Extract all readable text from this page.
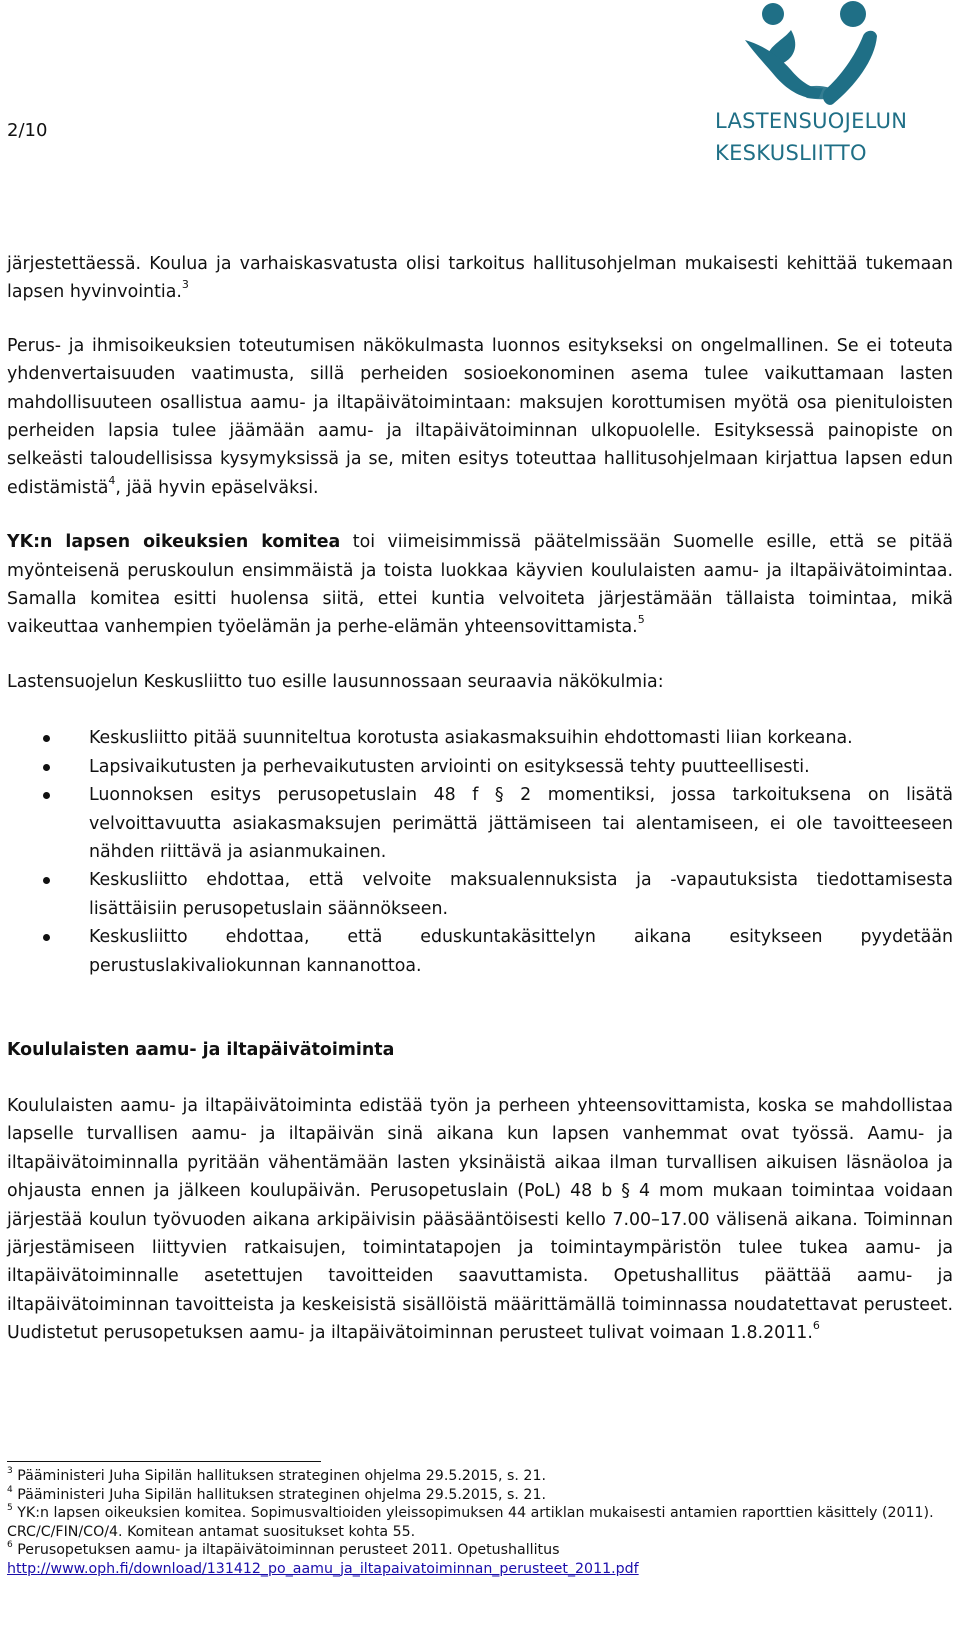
2/10	LASTENSUOJELUN
KESKUSLIITTO

järjestettäessä. Koulua ja varhaiskasvatusta olisi tarkoitus hallitusohjelman mukaisesti kehittää tukemaan lapsen hyvinvointia.$^3$

Perus- ja ihmisoikeuksien toteutumisen näkökulmasta luonnos esitykseksi on ongelmallinen. Se ei toteuta yhdenvertaisuuden vaatimusta, sillä perheiden sosioekonominen asema tulee vaikuttamaan lasten mahdollisuuteen osallistua aamu- ja iltapäivätoimintaan: maksujen korottumisen myötä osa pienituloisten perheiden lapsia tulee jäämään aamu- ja iltapäivätoiminnan ulkopuolelle. Esityksessä painopiste on selkeästi taloudellisissa kysymyksissä ja se, miten esitys toteuttaa hallitusohjelmaan kirjattua lapsen edun edistämistä$^4$, jää hyvin epäselväksi.

YK:n lapsen oikeuksien komitea toi viimeisimmissä päätelmissään Suomelle esille, että se pitää myönteisenä peruskoulun ensimmäistä ja toista luokkaa käyvien koululaisten aamu- ja iltapäivätoimintaa. Samalla komitea esitti huolensa siitä, ettei kuntia velvoiteta järjestämään tällaista toimintaa, mikä vaikeuttaa vanhempien työelämän ja perhe-elämän yhteensovittamista.$^5$

Lastensuojelun Keskusliitto tuo esille lausunnossaan seuraavia näkökulmia:

Keskusliitto pitää suunniteltua korotusta asiakasmaksuihin ehdottomasti liian korkeana.
Lapsivaikutusten ja perhevaikutusten arviointi on esityksessä tehty puutteellisesti.
Luonnoksen esitys perusopetuslain 48 f § 2 momentiksi, jossa tarkoituksena on lisätä velvoittavuutta asiakasmaksujen perimättä jättämiseen tai alentamiseen, ei ole tavoitteeseen nähden riittävä ja asianmukainen.
Keskusliitto ehdottaa, että velvoite maksualennuksista ja -vapautuksista tiedottamisesta lisättäisiin perusopetuslain säännökseen.
Keskusliitto ehdottaa, että eduskuntakäsittelyn aikana esitykseen pyydetään perustuslakivaliokunnan kannanottoa.
Koululaisten aamu- ja iltapäivätoiminta

Koululaisten aamu- ja iltapäivätoiminta edistää työn ja perheen yhteensovittamista, koska se mahdollistaa lapselle turvallisen aamu- ja iltapäivän sinä aikana kun lapsen vanhemmat ovat työssä. Aamu- ja iltapäivätoiminnalla pyritään vähentämään lasten yksinäistä aikaa ilman turvallisen aikuisen läsnäoloa ja ohjausta ennen ja jälkeen koulupäivän. Perusopetuslain (PoL) 48 b § 4 mom mukaan toimintaa voidaan järjestää koulun työvuoden aikana arkipäivisin pääsääntöisesti kello 7.00–17.00 välisenä aikana. Toiminnan järjestämiseen liittyvien ratkaisujen, toimintatapojen ja toimintaympäristön tulee tukea aamu- ja iltapäivätoiminnalle asetettujen tavoitteiden saavuttamista. Opetushallitus päättää aamu- ja iltapäivätoiminnan tavoitteista ja keskeisistä sisällöistä määrittämällä toiminnassa noudatettavat perusteet. Uudistetut perusopetuksen aamu- ja iltapäivätoiminnan perusteet tulivat voimaan 1.8.2011.$^6$

$^3$ Pääministeri Juha Sipilän hallituksen strateginen ohjelma 29.5.2015, s. 21.
$^4$ Pääministeri Juha Sipilän hallituksen strateginen ohjelma 29.5.2015, s. 21.
$^5$ YK:n lapsen oikeuksien komitea. Sopimusvaltioiden yleissopimuksen 44 artiklan mukaisesti antamien raporttien käsittely (2011). CRC/C/FIN/CO/4. Komitean antamat suositukset kohta 55.
$^6$ Perusopetuksen aamu- ja iltapäivätoiminnan perusteet 2011. Opetushallitus
http://www.oph.fi/download/131412_po_aamu_ja_iltapaivatoiminnan_perusteet_2011.pdf
